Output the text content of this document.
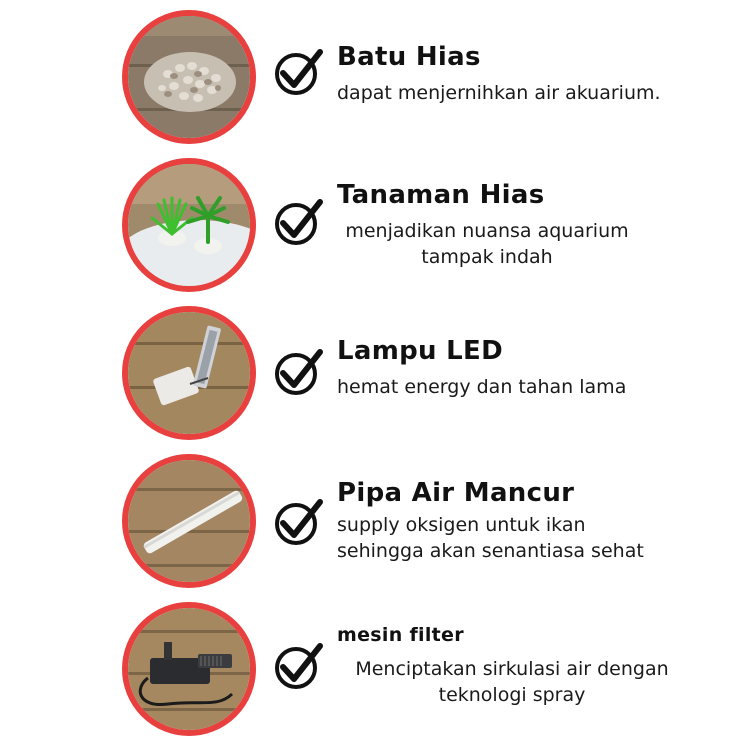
Batu Hias
dapat menjernihkan air akuarium.
Tanaman Hias
menjadikan nuansa aquarium
tampak indah
Lampu LED
hemat energy dan tahan lama
Pipa Air Mancur
supply oksigen untuk ikan
sehingga akan senantiasa sehat
mesin filter
Menciptakan sirkulasi air dengan
teknologi spray
